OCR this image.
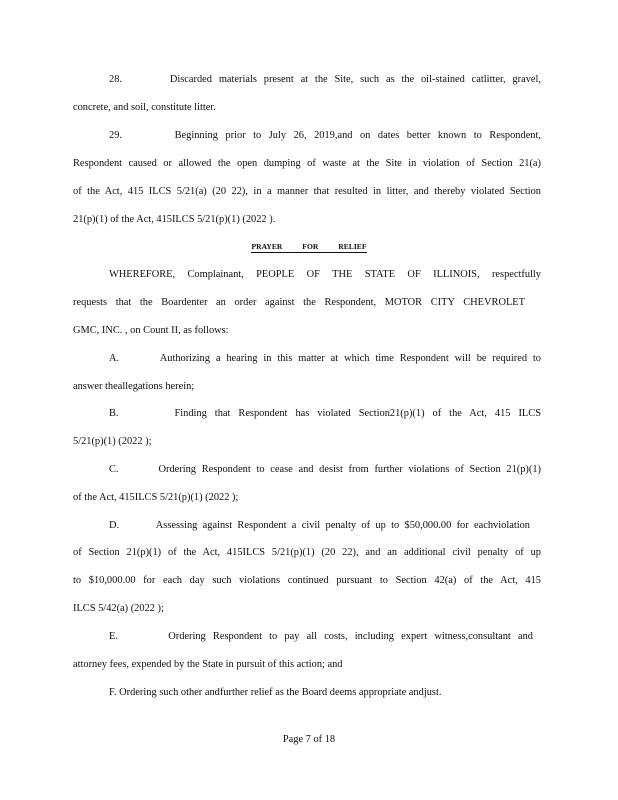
28.       Discarded materials present at the Site, such as the oil-stained catlitter, gravel,
concrete, and soil, constitute litter.
29.       Beginning prior to July 26, 2019,and on dates better known to Respondent,
Respondent caused or allowed the open dumping of waste at the Site in violation of Section 21(a)
of the Act, 415 ILCS 5/21(a) (20 22), in a manner that resulted in litter, and thereby violated Section
21(p)(1) of the Act, 415ILCS 5/21(p)(1) (2022 ).
PRAYER FOR RELIEF
WHEREFORE, Complainant, PEOPLE OF THE STATE OF ILLINOIS, respectfully
requests that the Boardenter an order against the Respondent, MOTOR CITY CHEVROLET
GMC, INC. , on Count II, as follows:
A.       Authorizing a hearing in this matter at which time Respondent will be required to
answer theallegations herein;
B.       Finding that Respondent has violated Section21(p)(1) of the Act, 415 ILCS
5/21(p)(1) (2022 );
C.       Ordering Respondent to cease and desist from further violations of Section 21(p)(1)
of the Act, 415ILCS 5/21(p)(1) (2022 );
D.       Assessing against Respondent a civil penalty of up to $50,000.00 for eachviolation
of Section 21(p)(1) of the Act, 415ILCS 5/21(p)(1) (20 22), and an additional civil penalty of up
to $10,000.00 for each day such violations continued pursuant to Section 42(a) of the Act, 415
ILCS 5/42(a) (2022 );
E.       Ordering Respondent to pay all costs, including expert witness,consultant and
attorney fees, expended by the State in pursuit of this action; and
F. Ordering such other andfurther relief as the Board deems appropriate andjust.
Page 7 of 18
